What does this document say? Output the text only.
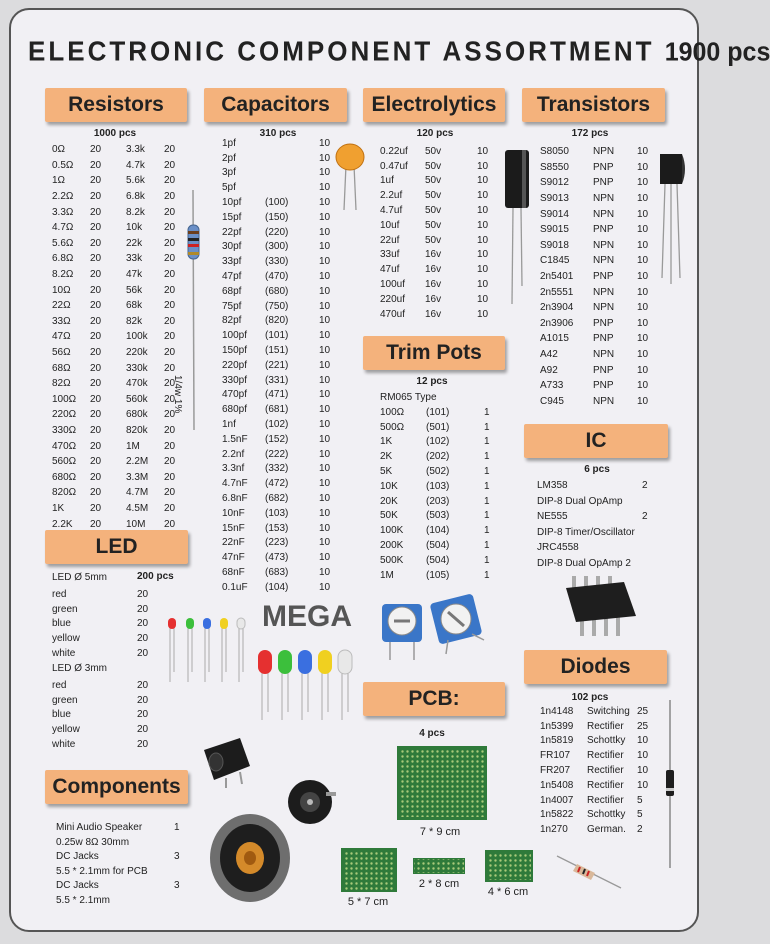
ELECTRONIC COMPONENT ASSORTMENT 1900 pcs
Resistors	Capacitors	Electrolytics	Transistors
Trim Pots
IC
LED
Diodes
PCB:
Components
1000 pcs	310 pcs	120 pcs	172 pcs
12 pcs
6 pcs
102 pcs
4 pcs
0Ω	20	3.3k	20
0.5Ω	20	4.7k	20
1Ω	20	5.6k	20
2.2Ω	20	6.8k	20
3.3Ω	20	8.2k	20
4.7Ω	20	10k	20
5.6Ω	20	22k	20
6.8Ω	20	33k	20
8.2Ω	20	47k	20
10Ω	20	56k	20
22Ω	20	68k	20
33Ω	20	82k	20
47Ω	20	100k	20
56Ω	20	220k	20
68Ω	20	330k	20
82Ω	20	470k	20
100Ω	20	560k	20
220Ω	20	680k	20
330Ω	20	820k	20
470Ω	20	1M	20
560Ω	20	2.2M	20
680Ω	20	3.3M	20
820Ω	20	4.7M	20
1K	20	4.5M	20
2.2K	20	10M	20
1/4w 1%
1pf		10
2pf		10
3pf		10
5pf		10
10pf	(100)	10
15pf	(150)	10
22pf	(220)	10
30pf	(300)	10
33pf	(330)	10
47pf	(470)	10
68pf	(680)	10
75pf	(750)	10
82pf	(820)	10
100pf	(101)	10
150pf	(151)	10
220pf	(221)	10
330pf	(331)	10
470pf	(471)	10
680pf	(681)	10
1nf	(102)	10
1.5nF	(152)	10
2.2nf	(222)	10
3.3nf	(332)	10
4.7nF	(472)	10
6.8nF	(682)	10
10nF	(103)	10
15nF	(153)	10
22nF	(223)	10
47nF	(473)	10
68nF	(683)	10
0.1uF	(104)	10
0.22uf	50v	10
0.47uf	50v	10
1uf	50v	10
2.2uf	50v	10
4.7uf	50v	10
10uf	50v	10
22uf	50v	10
33uf	16v	10
47uf	16v	10
100uf	16v	10
220uf	16v	10
470uf	16v	10
S8050	NPN	10
S8550	PNP	10
S9012	PNP	10
S9013	NPN	10
S9014	NPN	10
S9015	PNP	10
S9018	NPN	10
C1845	NPN	10
2n5401	PNP	10
2n5551	NPN	10
2n3904	NPN	10
2n3906	PNP	10
A1015	PNP	10
A42	NPN	10
A92	PNP	10
A733	PNP	10
C945	NPN	10
RM065 Type
100Ω	(101)	1
500Ω	(501)	1
1K	(102)	1
2K	(202)	1
5K	(502)	1
10K	(103)	1
20K	(203)	1
50K	(503)	1
100K	(104)	1
200K	(504)	1
500K	(504)	1
1M	(105)	1
LM358	2
DIP-8 Dual OpAmp
NE555	2
DIP-8 Timer/Oscillator
JRC4558
DIP-8 Dual OpAmp 2
LED Ø 5mm	200 pcs
red	20
green	20
blue	20
yellow	20
white	20
LED Ø 3mm
red	20
green	20
blue	20
yellow	20
white	20
MEGA
1n4148	Switching	25
1n5399	Rectifier	25
1n5819	Schottky	10
FR107	Rectifier	10
FR207	Rectifier	10
1n5408	Rectifier	10
1n4007	Rectifier	5
1n5822	Schottky	5
1n270	German.	2
7 * 9 cm
5 * 7 cm
2 * 8 cm
4 * 6 cm
Mini Audio Speaker	1
0.25w 8Ω 30mm
DC Jacks	3
5.5 * 2.1mm for PCB
DC Jacks	3
5.5 * 2.1mm
